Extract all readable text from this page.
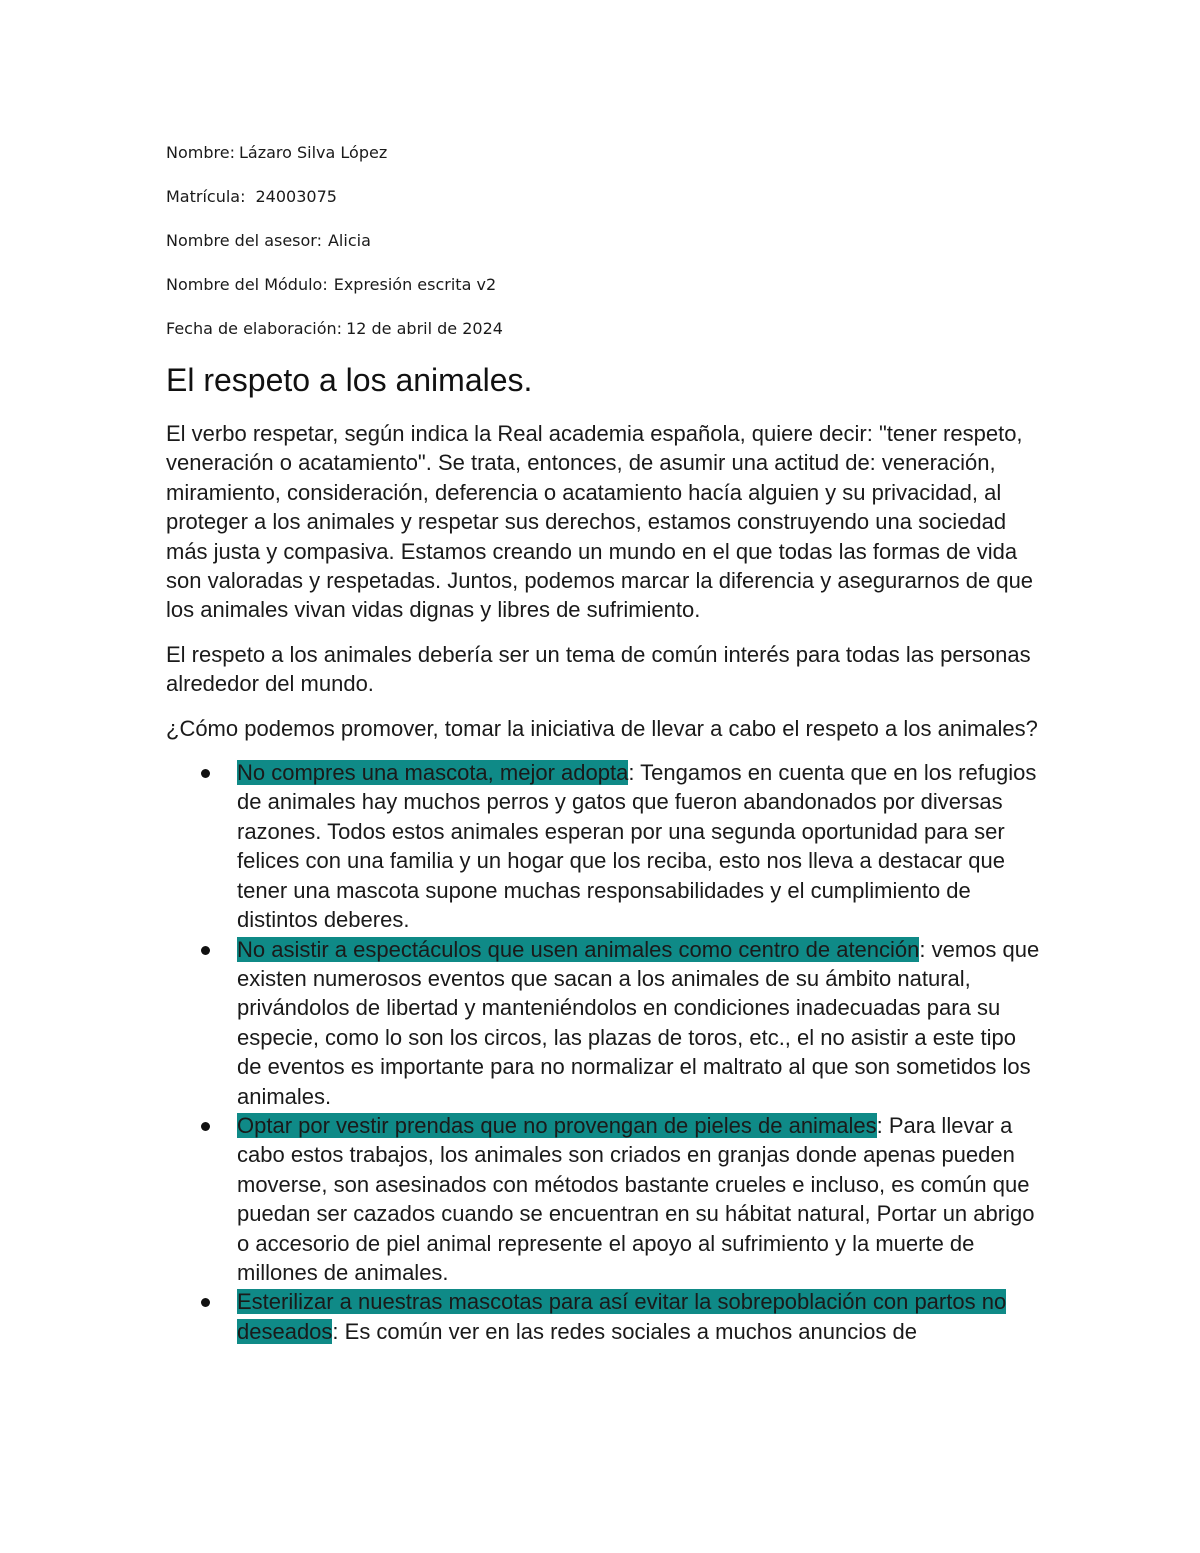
Nombre: Lázaro Silva López
Matrícula: 24003075
Nombre del asesor: Alicia
Nombre del Módulo: Expresión escrita v2
Fecha de elaboración: 12 de abril de 2024
El respeto a los animales.

El verbo respetar, según indica la Real academia española, quiere decir: "tener respeto, veneración o acatamiento". Se trata, entonces, de asumir una actitud de: veneración, miramiento, consideración, deferencia o acatamiento hacía alguien y su privacidad, al proteger a los animales y respetar sus derechos, estamos construyendo una sociedad más justa y compasiva. Estamos creando un mundo en el que todas las formas de vida son valoradas y respetadas. Juntos, podemos marcar la diferencia y asegurarnos de que los animales vivan vidas dignas y libres de sufrimiento.

El respeto a los animales debería ser un tema de común interés para todas las personas alrededor del mundo.

¿Cómo podemos promover, tomar la iniciativa de llevar a cabo el respeto a los animales?

No compres una mascota, mejor adopta: Tengamos en cuenta que en los refugios de animales hay muchos perros y gatos que fueron abandonados por diversas razones. Todos estos animales esperan por una segunda oportunidad para ser felices con una familia y un hogar que los reciba, esto nos lleva a destacar que tener una mascota supone muchas responsabilidades y el cumplimiento de distintos deberes.
No asistir a espectáculos que usen animales como centro de atención: vemos que existen numerosos eventos que sacan a los animales de su ámbito natural, privándolos de libertad y manteniéndolos en condiciones inadecuadas para su especie, como lo son los circos, las plazas de toros, etc., el no asistir a este tipo de eventos es importante para no normalizar el maltrato al que son sometidos los animales.
Optar por vestir prendas que no provengan de pieles de animales: Para llevar a cabo estos trabajos, los animales son criados en granjas donde apenas pueden moverse, son asesinados con métodos bastante crueles e incluso, es común que puedan ser cazados cuando se encuentran en su hábitat natural, Portar un abrigo o accesorio de piel animal represente el apoyo al sufrimiento y la muerte de millones de animales.
Esterilizar a nuestras mascotas para así evitar la sobrepoblación con partos no deseados: Es común ver en las redes sociales a muchos anuncios de
